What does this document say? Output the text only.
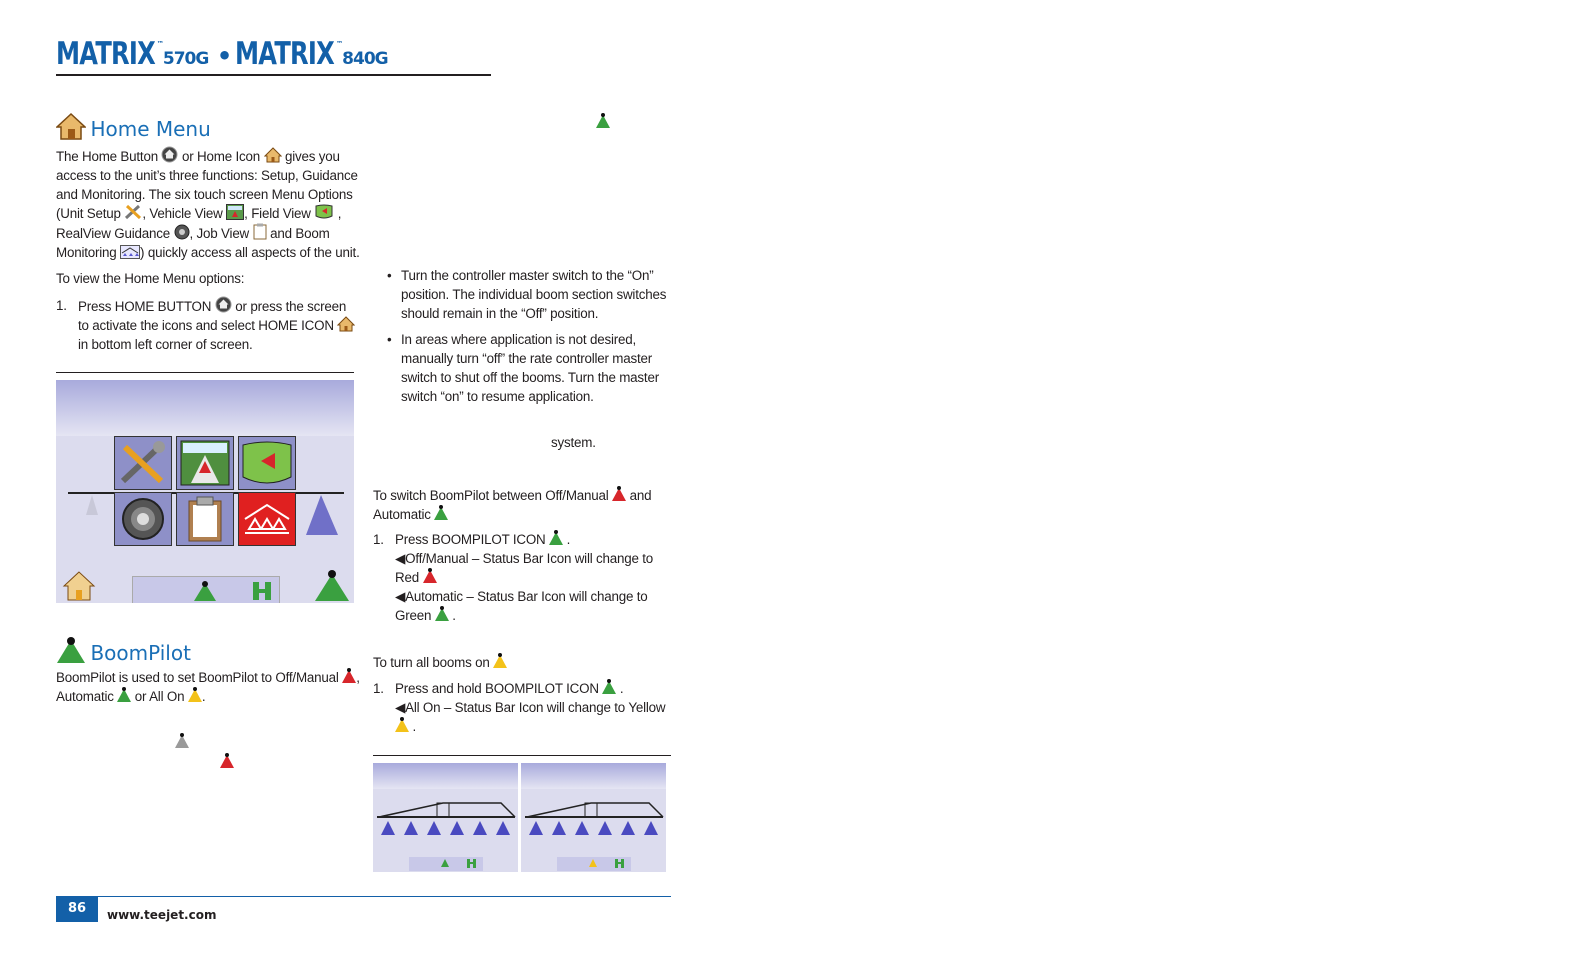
MATRIX ™570G • MATRIX ™840G
Home Menu
The Home Button  or Home Icon  gives you access to the unit’s three functions: Setup, Guidance and Monitoring. The six touch screen Menu Options (Unit Setup , Vehicle View , Field View  , RealView Guidance , Job View  and Boom Monitoring ) quickly access all aspects of the unit.
To view the Home Menu options:
1. Press HOME BUTTON  or press the screen to activate the icons and select HOME ICON  in bottom left corner of screen.
BoomPilot
BoomPilot is used to set BoomPilot to Off/Manual , Automatic  or All On .

• Turn the controller master switch to the “On” position. The individual boom section switches should remain in the “Off” position.
• In areas where application is not desired, manually turn “off” the rate controller master switch to shut off the booms. Turn the master switch “on” to resume application.
system.
To switch BoomPilot between Off/Manual  and Automatic
1. Press BOOMPILOT ICON  .
◀Off/Manual – Status Bar Icon will change to Red
◀Automatic – Status Bar Icon will change to Green  .
To turn all booms on
1. Press and hold BOOMPILOT ICON  .
◀All On – Status Bar Icon will change to Yellow  .
86	www.teejet.com
